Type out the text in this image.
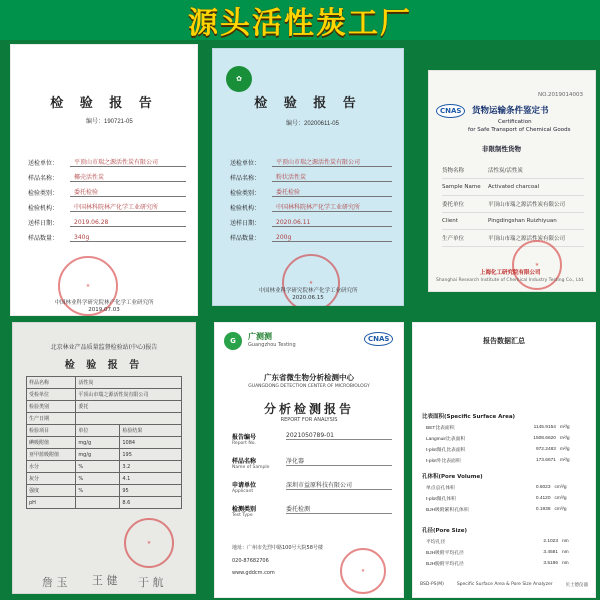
源头活性炭工厂
检 验 报 告
编号：190721-05
送检单位：	平顶山市瑞之源活性炭有限公司
样品名称：	椰壳活性炭
检验类别：	委托检验
检验机构：	中国林科院林产化学工业研究所
送样日期：	2019.06.28
样品数量：	340g
★
中国林业科学研究院林产化学工业研究所
2019.07.03
✿
检 验 报 告
编号：20200611-05
送检单位：	平顶山市瑞之源活性炭有限公司
样品名称：	粉状活性炭
检验类别：	委托检验
检验机构：	中国林科院林产化学工业研究所
送样日期：	2020.06.11
样品数量：	200g
★
中国林业科学研究院林产化学工业研究所
2020.06.15
CNAS	货物运输条件鉴定书
Certification
for Safe Transport of Chemical Goods
NO.2019014003
非限制性货物
货物名称	活性炭/活性炭
Sample Name Activated charcoal
委托单位	平顶山市瑞之源活性炭有限公司
Client	Pingdingshan Ruizhiyuan
生产单位	平顶山市瑞之源活性炭有限公司
★
上海化工研究院有限公司
Shanghai Research Institute of Chemical Industry Testing Co., Ltd.
北京林业产品质量监督检验站(中心)报告
检 验 报 告
样品名称	活性炭	
受检单位	平顶山市瑞之源活性炭有限公司	
检验类别	委托	
生产日期		
检验项目	单位	检验结果
碘吸附值	mg/g	1084
亚甲蓝吸附值	mg/g	195
水分	%	3.2
灰分	%	4.1
强度	%	95
pH		8.6
★
詹 玉 王 健 于 航
G	广测测
Guangzhou Testing
CNAS
广东省微生物分析检测中心
GUANGDONG DETECTION CENTER OF MICROBIOLOGY
分析检测报告
REPORT FOR ANALYSIS
报告编号
Report No.
2021050789-01
样品名称
Name of Sample
净化器
申请单位
Applicant
深圳市益原科技有限公司
检测类别
Test Type
委托检测
地址：广州市先烈中路100号大院58号楼
020-87682706
www.gddcm.com	★
报告数据汇总
比表面积(Specific Surface Area)
孔体积(Pore Volume)
孔径(Pore Size)
BET比表面积	1145.9154	m²/g
Langmuir比表面积	1508.6620	m²/g
t-plot微孔比表面积	972.2483	m²/g
t-plot外比表面积	173.6671	m²/g
单点总孔体积	0.6023	cm³/g
t-plot微孔体积	0.4120	cm³/g
BJH吸附累积孔体积	0.1938	cm³/g
平均孔径	2.1023	nm
BJH吸附平均孔径	3.4581	nm
BJH脱附平均孔径	3.5186	nm
BSD-PS(M)	Specific Surface Area & Pore Size Analyzer	贝士德仪器
